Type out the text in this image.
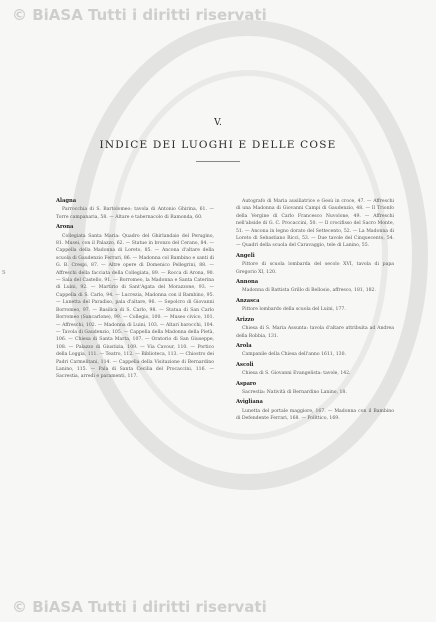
© BiASA Tutti i diritti riservati
© BiASA Tutti i diritti riservati
s
V.
INDICE DEI LUOGHI E DELLE COSE
Alagna
Parrocchia di S. Bartolomeo: tavola di Antonio Ghirina, 61. — Torre campanaria, 58. — Altare e tabernacolo di Ramonda, 60.
Arona
Collegiata Santa Maria: Quadro del Ghirlandaio del Perugino, 81. Musei, con il Palazzo, 62. — Statue in bronzo del Cerano, 84. — Cappella della Madonna di Loreto, 85. — Ancona d'altare della scuola di Gaudenzio Ferrari, 86. — Madonna col Bambino e santi di G. B. Crespi, 87. — Altre opere di Domenico Pellegrini, 88. — Affreschi della facciata della Collegiata, 89. — Rocca di Arona, 90. — Sala del Castello, 91. — Borromeo, la Madonna e Santa Caterina di Luini, 92. — Martirio di Sant'Agata del Morazzone, 93. — Cappella di S. Carlo, 94. — Lucrezia, Madonna con il Bambino, 95. — Lunetta del Paradiso, pala d'altare, 96. — Sepolcro di Giovanni Borromeo, 97. — Basilica di S. Carlo, 98. — Statua di San Carlo Borromeo (Sancarlone), 99. — Collegio, 100. — Museo civico, 101. — Affreschi, 102. — Madonna di Luini, 103. — Altari barocchi, 104. — Tavola di Gaudenzio, 105. — Cappella della Madonna della Pietà, 106. — Chiesa di Santa Marta, 107. — Oratorio di San Giuseppe, 108. — Palazzo di Giustizia, 109. — Via Cavour, 110. — Portico della Loggia, 111. — Teatro, 112. — Biblioteca, 113. — Chiostro dei Padri Carmelitani, 114. — Cappella della Visitazione di Bernardino Lanino, 115. — Pala di Santa Cecilia del Procaccini, 116. — Sacrestia, arredi e paramenti, 117.
Autografo di Maria ausiliatrice e Gesù in croce, 47. — Affreschi di una Madonna di Giovanni Campi di Gaudenzio, 48. — Il Trionfo della Vergine di Carlo Francesco Nuvolone, 49. — Affreschi nell'abside di G. C. Procaccini, 50. — Il crocifisso del Sacro Monte, 51. — Ancona in legno dorato del Settecento, 52. — La Madonna di Loreto di Sebastiano Ricci, 53. — Due tavole del Cinquecento, 54. — Quadri della scuola del Caravaggio, tele di Lanino, 55.
Angeli
Pittore di scuola lombarda del secolo XVI, tavola di papa Gregorio XI, 120.
Annona
Madonna di Battista Grillo di Bellosio, affresco, 181, 182.
Anzasca
Pittore lombardo della scuola del Luini, 177.
Arizzo
Chiesa di S. Maria Assunta: tavola d'altare attribuita ad Andrea della Robbia, 131.
Arola
Campanile della Chiesa dell'anno 1611, 130.
Ascoli
Chiesa di S. Giovanni Evangelista: tavole, 142.
Asparo
Sacrestia: Natività di Bernardino Lanino, 18.
Avigliana
Lunetta del portale maggiore, 167. — Madonna con il Bambino di Defendente Ferrari, 168. — Polittico, 169.
